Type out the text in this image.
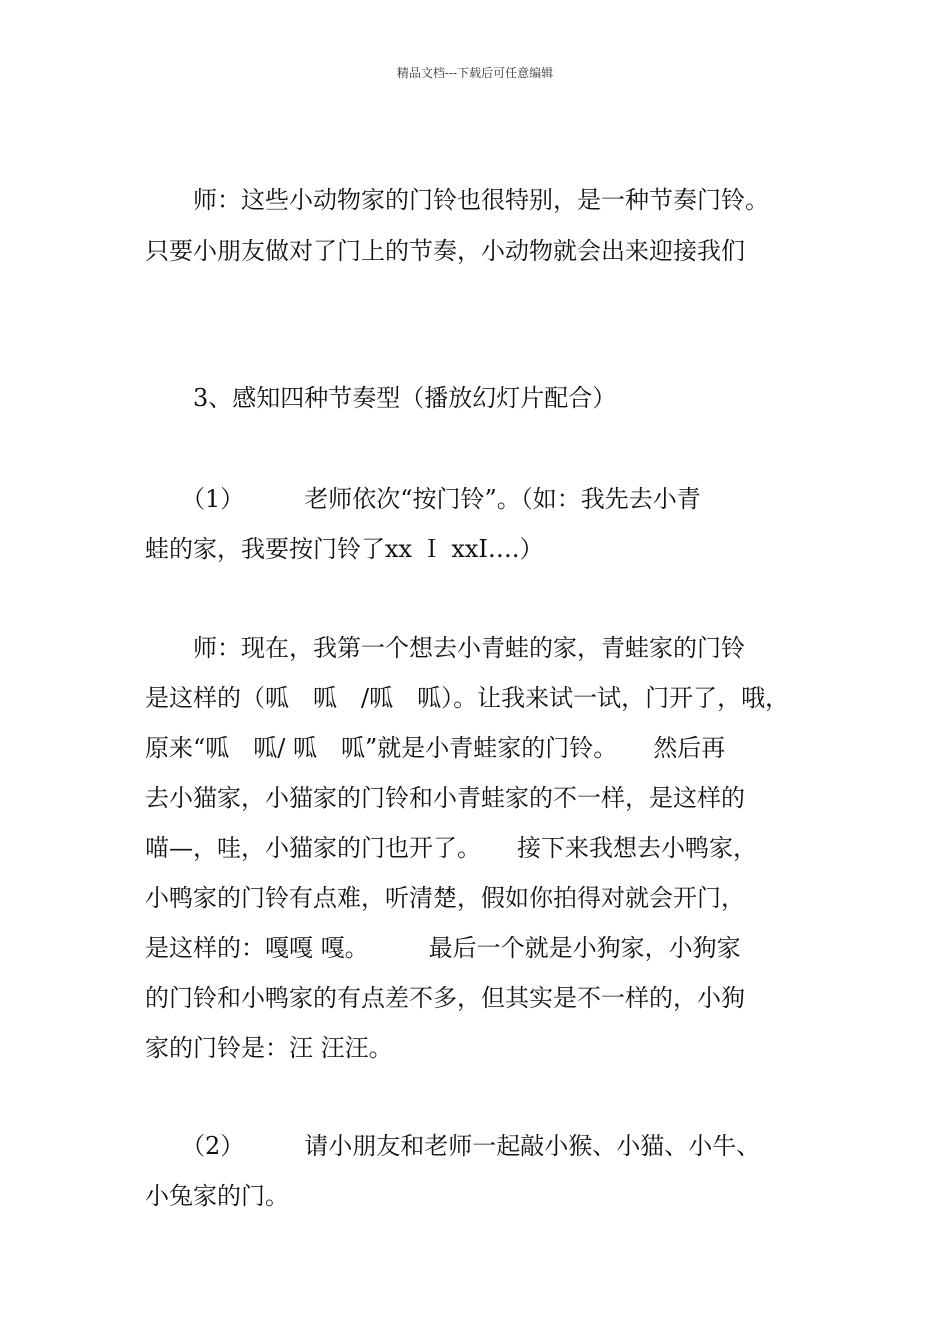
精品文档---下载后可任意编辑
　　师：这些小动物家的门铃也很特别，是一种节奏门铃。
只要小朋友做对了门上的节奏，小动物就会出来迎接我们
　　3、感知四种节奏型（播放幻灯片配合）
　　（1）　　　老师依次“按门铃”。（如：我先去小青
蛙的家，我要按门铃了xx Ｉ xxI….）
　　师：现在，我第一个想去小青蛙的家，青蛙家的门铃
是这样的（呱　呱　/呱　呱）。让我来试一试，门开了，哦，
原来“呱　呱/ 呱　呱”就是小青蛙家的门铃。　　然后再
去小猫家，小猫家的门铃和小青蛙家的不一样，是这样的
喵—，哇，小猫家的门也开了。　　接下来我想去小鸭家，
小鸭家的门铃有点难，听清楚，假如你拍得对就会开门，
是这样的：嘎嘎 嘎。　　　最后一个就是小狗家，小狗家
的门铃和小鸭家的有点差不多，但其实是不一样的，小狗
家的门铃是：汪 汪汪。
　　（2）　　　请小朋友和老师一起敲小猴、小猫、小牛、
小兔家的门。
